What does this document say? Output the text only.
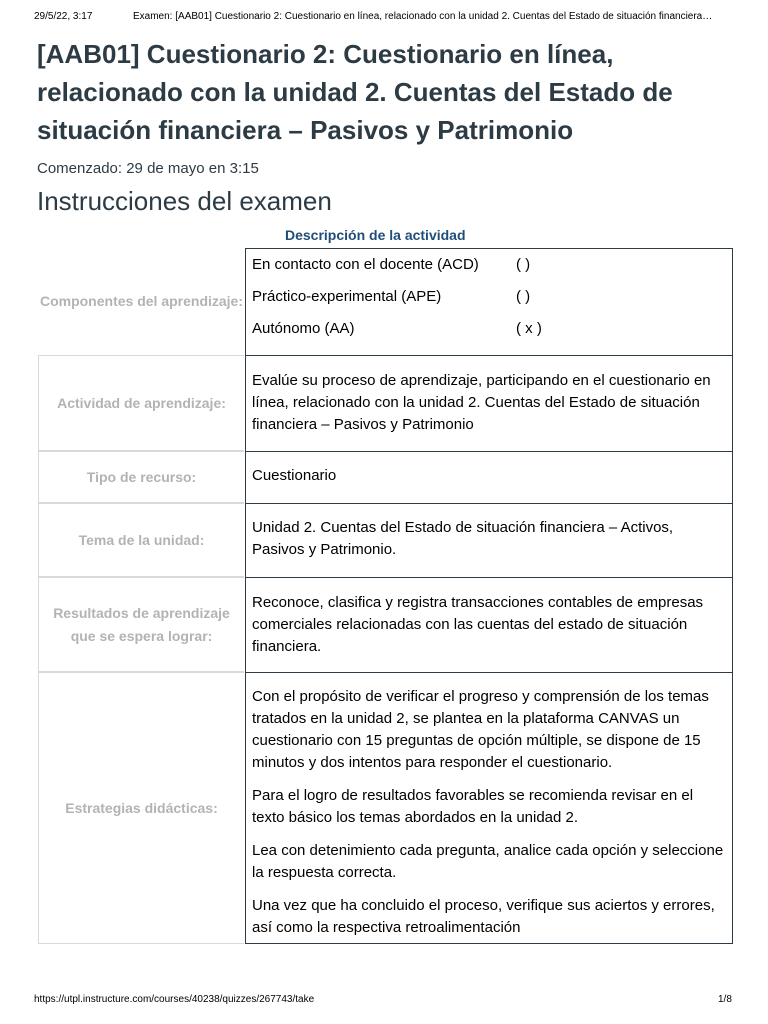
29/5/22, 3:17	Examen: [AAB01] Cuestionario 2: Cuestionario en línea, relacionado con la unidad 2. Cuentas del Estado de situación financiera…
[AAB01] Cuestionario 2: Cuestionario en línea, relacionado con la unidad 2. Cuentas del Estado de situación financiera – Pasivos y Patrimonio
Comenzado: 29 de mayo en 3:15
Instrucciones del examen
Descripción de la actividad
Componentes del aprendizaje:
En contacto con el docente (ACD) ( )
Práctico-experimental (APE)	( )
Autónomo (AA)	( x )
Actividad de aprendizaje:

Evalúe su proceso de aprendizaje, participando en el cuestionario en línea, relacionado con la unidad 2. Cuentas del Estado de situación financiera – Pasivos y Patrimonio

Tipo de recurso:	Cuestionario

Tema de la unidad:

Unidad 2. Cuentas del Estado de situación financiera – Activos, Pasivos y Patrimonio.

Resultados de aprendizaje que se espera lograr:

Reconoce, clasifica y registra transacciones contables de empresas comerciales relacionadas con las cuentas del estado de situación financiera.

Estrategias didácticas:

Con el propósito de verificar el progreso y comprensión de los temas tratados en la unidad 2, se plantea en la plataforma CANVAS un cuestionario con 15 preguntas de opción múltiple, se dispone de 15 minutos y dos intentos para responder el cuestionario.

Para el logro de resultados favorables se recomienda revisar en el texto básico los temas abordados en la unidad 2.

Lea con detenimiento cada pregunta, analice cada opción y seleccione la respuesta correcta.

Una vez que ha concluido el proceso, verifique sus aciertos y errores, así como la respectiva retroalimentación

https://utpl.instructure.com/courses/40238/quizzes/267743/take	1/8
